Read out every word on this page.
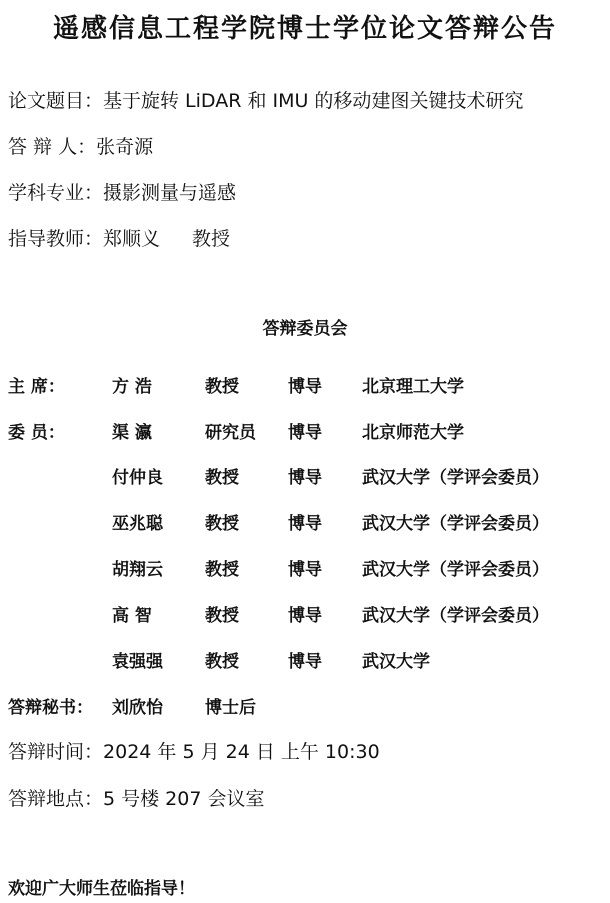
遥感信息工程学院博士学位论文答辩公告
论文题目：基于旋转 LiDAR 和 IMU 的移动建图关键技术研究
答 辩 人：张奇源
学科专业：摄影测量与遥感
指导教师：郑顺义 教授
答辩委员会
主 席：	方 浩	教授	博导 北京理工大学
委 员：	渠 瀛	研究员 博导 北京师范大学
付仲良 教授	博导 武汉大学（学评会委员）
巫兆聪 教授	博导 武汉大学（学评会委员）
胡翔云 教授	博导 武汉大学（学评会委员）
高 智	教授	博导 武汉大学（学评会委员）
袁强强 教授	博导 武汉大学
答辩秘书：	刘欣怡 博士后
答辩时间：2024 年 5 月 24 日 上午 10:30
答辩地点：5 号楼 207 会议室
欢迎广大师生莅临指导！
